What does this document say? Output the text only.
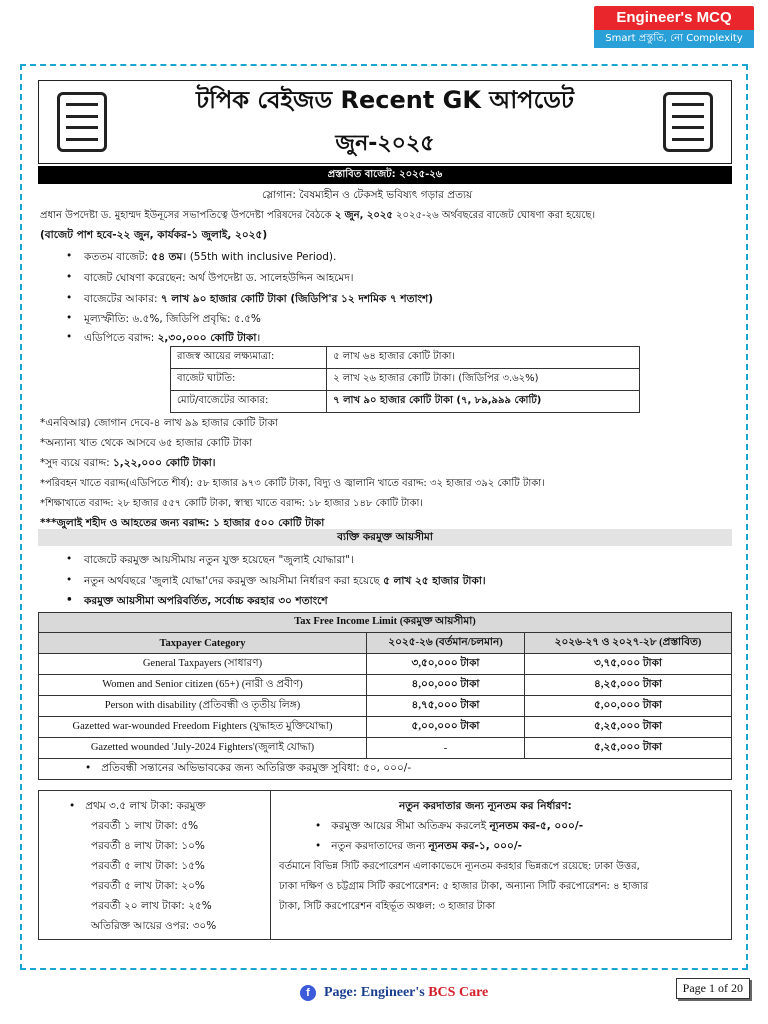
Engineer's MCQ
Smart প্রস্তুতি, নো Complexity
টপিক বেইজড Recent GK আপডেট
জুন-২০২৫
প্রস্তাবিত বাজেট: ২০২৫-২৬
স্লোগান: বৈষম্যহীন ও টেকসই ভবিষ্যৎ গড়ার প্রত্যয়
প্রধান উপদেষ্টা ড. মুহাম্মদ ইউনূসের সভাপতিত্বে উপদেষ্টা পরিষদের বৈঠকে ২ জুন, ২০২৫ ২০২৫-২৬ অর্থবছরের বাজেট ঘোষণা করা হয়েছে।
(বাজেট পাশ হবে-২২ জুন, কার্যকর-১ জুলাই, ২০২৫)
• কততম বাজেট: ৫৪ তম। (55th with inclusive Period).
• বাজেট ঘোষণা করেছেন: অর্থ উপদেষ্টা ড. সালেহউদ্দিন আহমেদ।
• বাজেটের আকার: ৭ লাখ ৯০ হাজার কোটি টাকা (জিডিপি'র ১২ দশমিক ৭ শতাংশ)
• মূল্যস্ফীতি: ৬.৫%, জিডিপি প্রবৃদ্ধি: ৫.৫%
• এডিপিতে বরাদ্দ: ২,৩০,০০০ কোটি টাকা।
রাজস্ব আয়ের লক্ষ্যমাত্রা:	৫ লাখ ৬৪ হাজার কোটি টাকা।
বাজেট ঘাটতি:	২ লাখ ২৬ হাজার কোটি টাকা। (জিডিপির ৩.৬২%)
মোট/বাজেটের আকার:	৭ লাখ ৯০ হাজার কোটি টাকা (৭, ৮৯,৯৯৯ কোটি)
*এনবিআর) জোগান দেবে-৪ লাখ ৯৯ হাজার কোটি টাকা
*অন্যান্য খাত থেকে আসবে ৬৫ হাজার কোটি টাকা
*সুদ ব্যয়ে বরাদ্দ: ১,২২,০০০ কোটি টাকা।
*পরিবহন খাতে বরাদ্দ(এডিপিতে শীর্ষ): ৫৮ হাজার ৯৭৩ কোটি টাকা, বিদ্যু ও জ্বালানি খাতে বরাদ্দ: ৩২ হাজার ৩৯২ কোটি টাকা।
*শিক্ষাখাতে বরাদ্দ: ২৮ হাজার ৫৫৭ কোটি টাকা, স্বাস্থ্য খাতে বরাদ্দ: ১৮ হাজার ১৪৮ কোটি টাকা।
***জুলাই শহীদ ও আহতের জন্য বরাদ্দ: ১ হাজার ৫০০ কোটি টাকা
ব্যক্তি করমুক্ত আয়সীমা
• বাজেটে করমুক্ত আয়সীমায় নতুন যুক্ত হয়েছেন "জুলাই যোদ্ধারা"।
• নতুন অর্থবছরে 'জুলাই যোদ্ধা'দের করমুক্ত আয়সীমা নির্ধারণ করা হয়েছে ৫ লাখ ২৫ হাজার টাকা।
• করমুক্ত আয়সীমা অপরিবর্তিত, সর্বোচ্চ করহার ৩০ শতাংশে
Tax Free Income Limit (করমুক্ত আয়সীমা)		
Taxpayer Category	২০২৫-২৬ (বর্তমান/চলমান)	২০২৬-২৭ ও ২০২৭-২৮ (প্রস্তাবিত)
General Taxpayers (সাধারণ)	৩,৫০,০০০ টাকা	৩,৭৫,০০০ টাকা
Women and Senior citizen (65+) (নারী ও প্রবীণ)	৪,০০,০০০ টাকা	৪,২৫,০০০ টাকা
Person with disability (প্রতিবন্ধী ও তৃতীয় লিঙ্গ)	৪,৭৫,০০০ টাকা	৫,০০,০০০ টাকা
Gazetted war-wounded Freedom Fighters (যুদ্ধাহত মুক্তিযোদ্ধা)	৫,০০,০০০ টাকা	৫,২৫,০০০ টাকা
Gazetted wounded 'July-2024 Fighters'(জুলাই যোদ্ধা)	-	৫,২৫,০০০ টাকা
•   প্রতিবন্ধী সন্তানের অভিভাবকের জন্য অতিরিক্ত করমুক্ত সুবিধা: ৫০, ০০০/-		
•   প্রথম ৩.৫ লাখ টাকা: করমুক্ত
পরবর্তী ১ লাখ টাকা: ৫%
পরবর্তী ৪ লাখ টাকা: ১০%
পরবর্তী ৫ লাখ টাকা: ১৫%
পরবর্তী ৫ লাখ টাকা: ২০%
পরবর্তী ২০ লাখ টাকা: ২৫%
অতিরিক্ত আয়ের ওপর: ৩০%
নতুন করদাতার জন্য ন্যূনতম কর নির্ধারণ:
•   করমুক্ত আয়ের সীমা অতিক্রম করলেই ন্যূনতম কর-৫, ০০০/-
•   নতুন করদাতাদের জন্য ন্যূনতম কর-১, ০০০/-
বর্তমানে বিভিন্ন সিটি করপোরেশন এলাকাভেদে ন্যূনতম করহার ভিন্নরূপে রয়েছে: ঢাকা উত্তর,
ঢাকা দক্ষিণ ও চট্টগ্রাম সিটি করপোরেশন: ৫ হাজার টাকা, অন্যান্য সিটি করপোরেশন: ৪ হাজার
টাকা, সিটি করপোরেশন বহির্ভূত অঞ্চল: ৩ হাজার টাকা
f Page: Engineer's BCS Care	Page 1 of 20
